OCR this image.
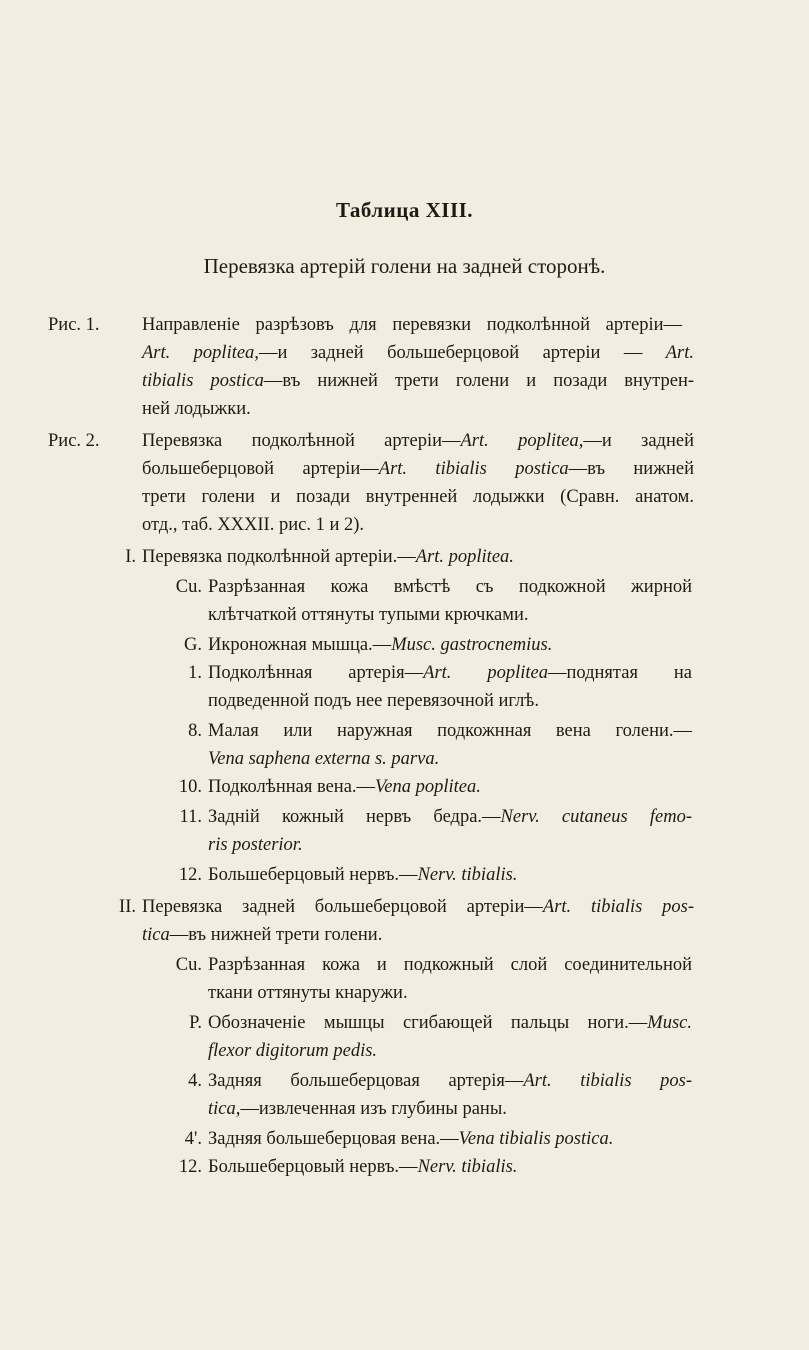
Таблица XIII.
Перевязка артерій голени на задней сторонѣ.
Рис. 1. Направленіе разрѣзовъ для перевязки подколѣнной артеріи—
Art. poplitea,—и задней большеберцовой артеріи — Art.
tibialis postica—въ нижней трети голени и позади внутрен-
ней лодыжки.
Рис. 2. Перевязка подколѣнной артеріи—Art. poplitea,—и задней
большеберцовой артеріи—Art. tibialis postica—въ нижней
трети голени и позади внутренней лодыжки (Сравн. анатом.
отд., таб. XXXII. рис. 1 и 2).
I. Перевязка подколѣнной артеріи.—Art. poplitea.
Cu. Разрѣзанная кожа вмѣстѣ съ подкожной жирной
клѣтчаткой оттянуты тупыми крючками.
G. Икроножная мышца.—Musc. gastrocnemius.
1. Подколѣнная артерія—Art. poplitea—поднятая на
подведенной подъ нее перевязочной иглѣ.
8. Малая или наружная подкожнная вена голени.—
Vena saphena externa s. parva.
10. Подколѣнная вена.—Vena poplitea.
11. Заднiй кожный нервъ бедра.—Nerv. cutaneus femo-
ris posterior.
12. Большеберцовый нервъ.—Nerv. tibialis.
II. Перевязка задней большеберцовой артеріи—Art. tibialis pos-
tica—въ нижней трети голени.
Cu. Разрѣзанная кожа и подкожный слой соединительной
ткани оттянуты кнаружи.
P. Обозначеніе мышцы сгибающей пальцы ноги.—Musc.
flexor digitorum pedis.
4. Задняя большеберцовая артерія—Art. tibialis pos-
tica,—извлеченная изъ глубины раны.
4'. Задняя большеберцовая вена.—Vena tibialis postica.
12. Большеберцовый нервъ.—Nerv. tibialis.
